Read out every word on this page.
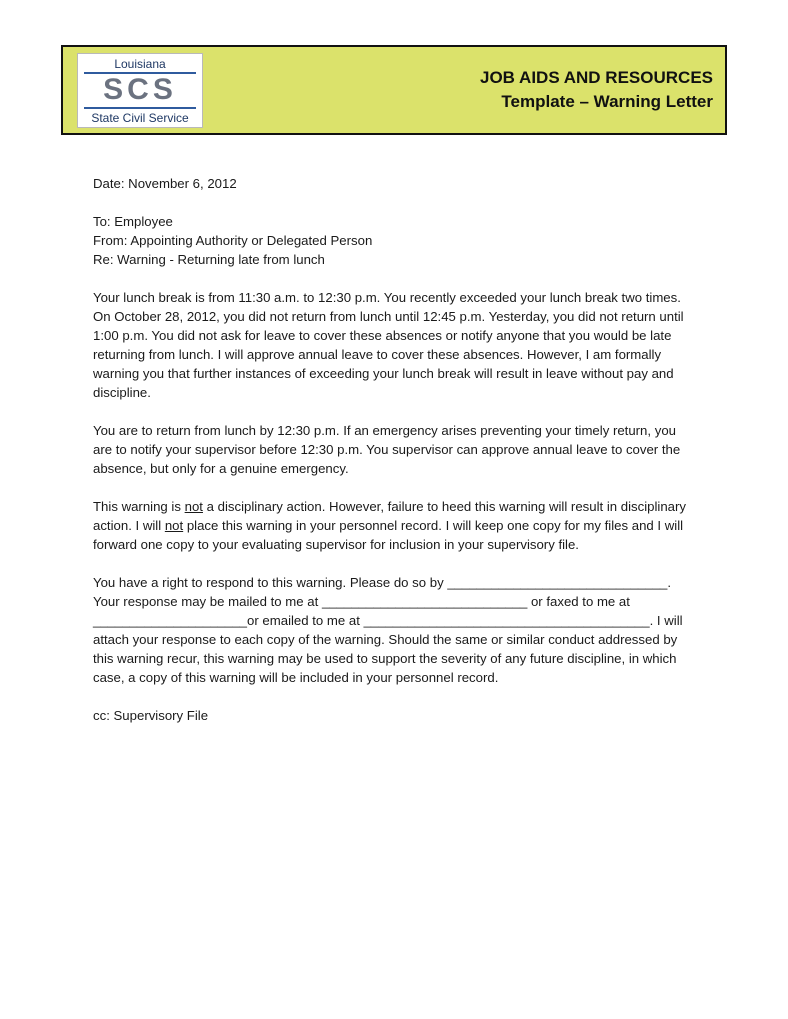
Louisiana
SCS
State Civil Service
JOB AIDS AND RESOURCES
Template – Warning Letter

Date: November 6, 2012

To: Employee
From: Appointing Authority or Delegated Person
Re: Warning - Returning late from lunch

Your lunch break is from 11:30 a.m. to 12:30 p.m. You recently exceeded your lunch break two times. On October 28, 2012, you did not return from lunch until 12:45 p.m. Yesterday, you did not return until 1:00 p.m. You did not ask for leave to cover these absences or notify anyone that you would be late returning from lunch. I will approve annual leave to cover these absences. However, I am formally warning you that further instances of exceeding your lunch break will result in leave without pay and discipline.

You are to return from lunch by 12:30 p.m. If an emergency arises preventing your timely return, you are to notify your supervisor before 12:30 p.m. You supervisor can approve annual leave to cover the absence, but only for a genuine emergency.

This warning is not a disciplinary action. However, failure to heed this warning will result in disciplinary action. I will not place this warning in your personnel record. I will keep one copy for my files and I will forward one copy to your evaluating supervisor for inclusion in your supervisory file.

You have a right to respond to this warning. Please do so by ______________________________. Your response may be mailed to me at ____________________________ or faxed to me at _____________________or emailed to me at _______________________________________. I will attach your response to each copy of the warning. Should the same or similar conduct addressed by this warning recur, this warning may be used to support the severity of any future discipline, in which case, a copy of this warning will be included in your personnel record.

cc: Supervisory File
